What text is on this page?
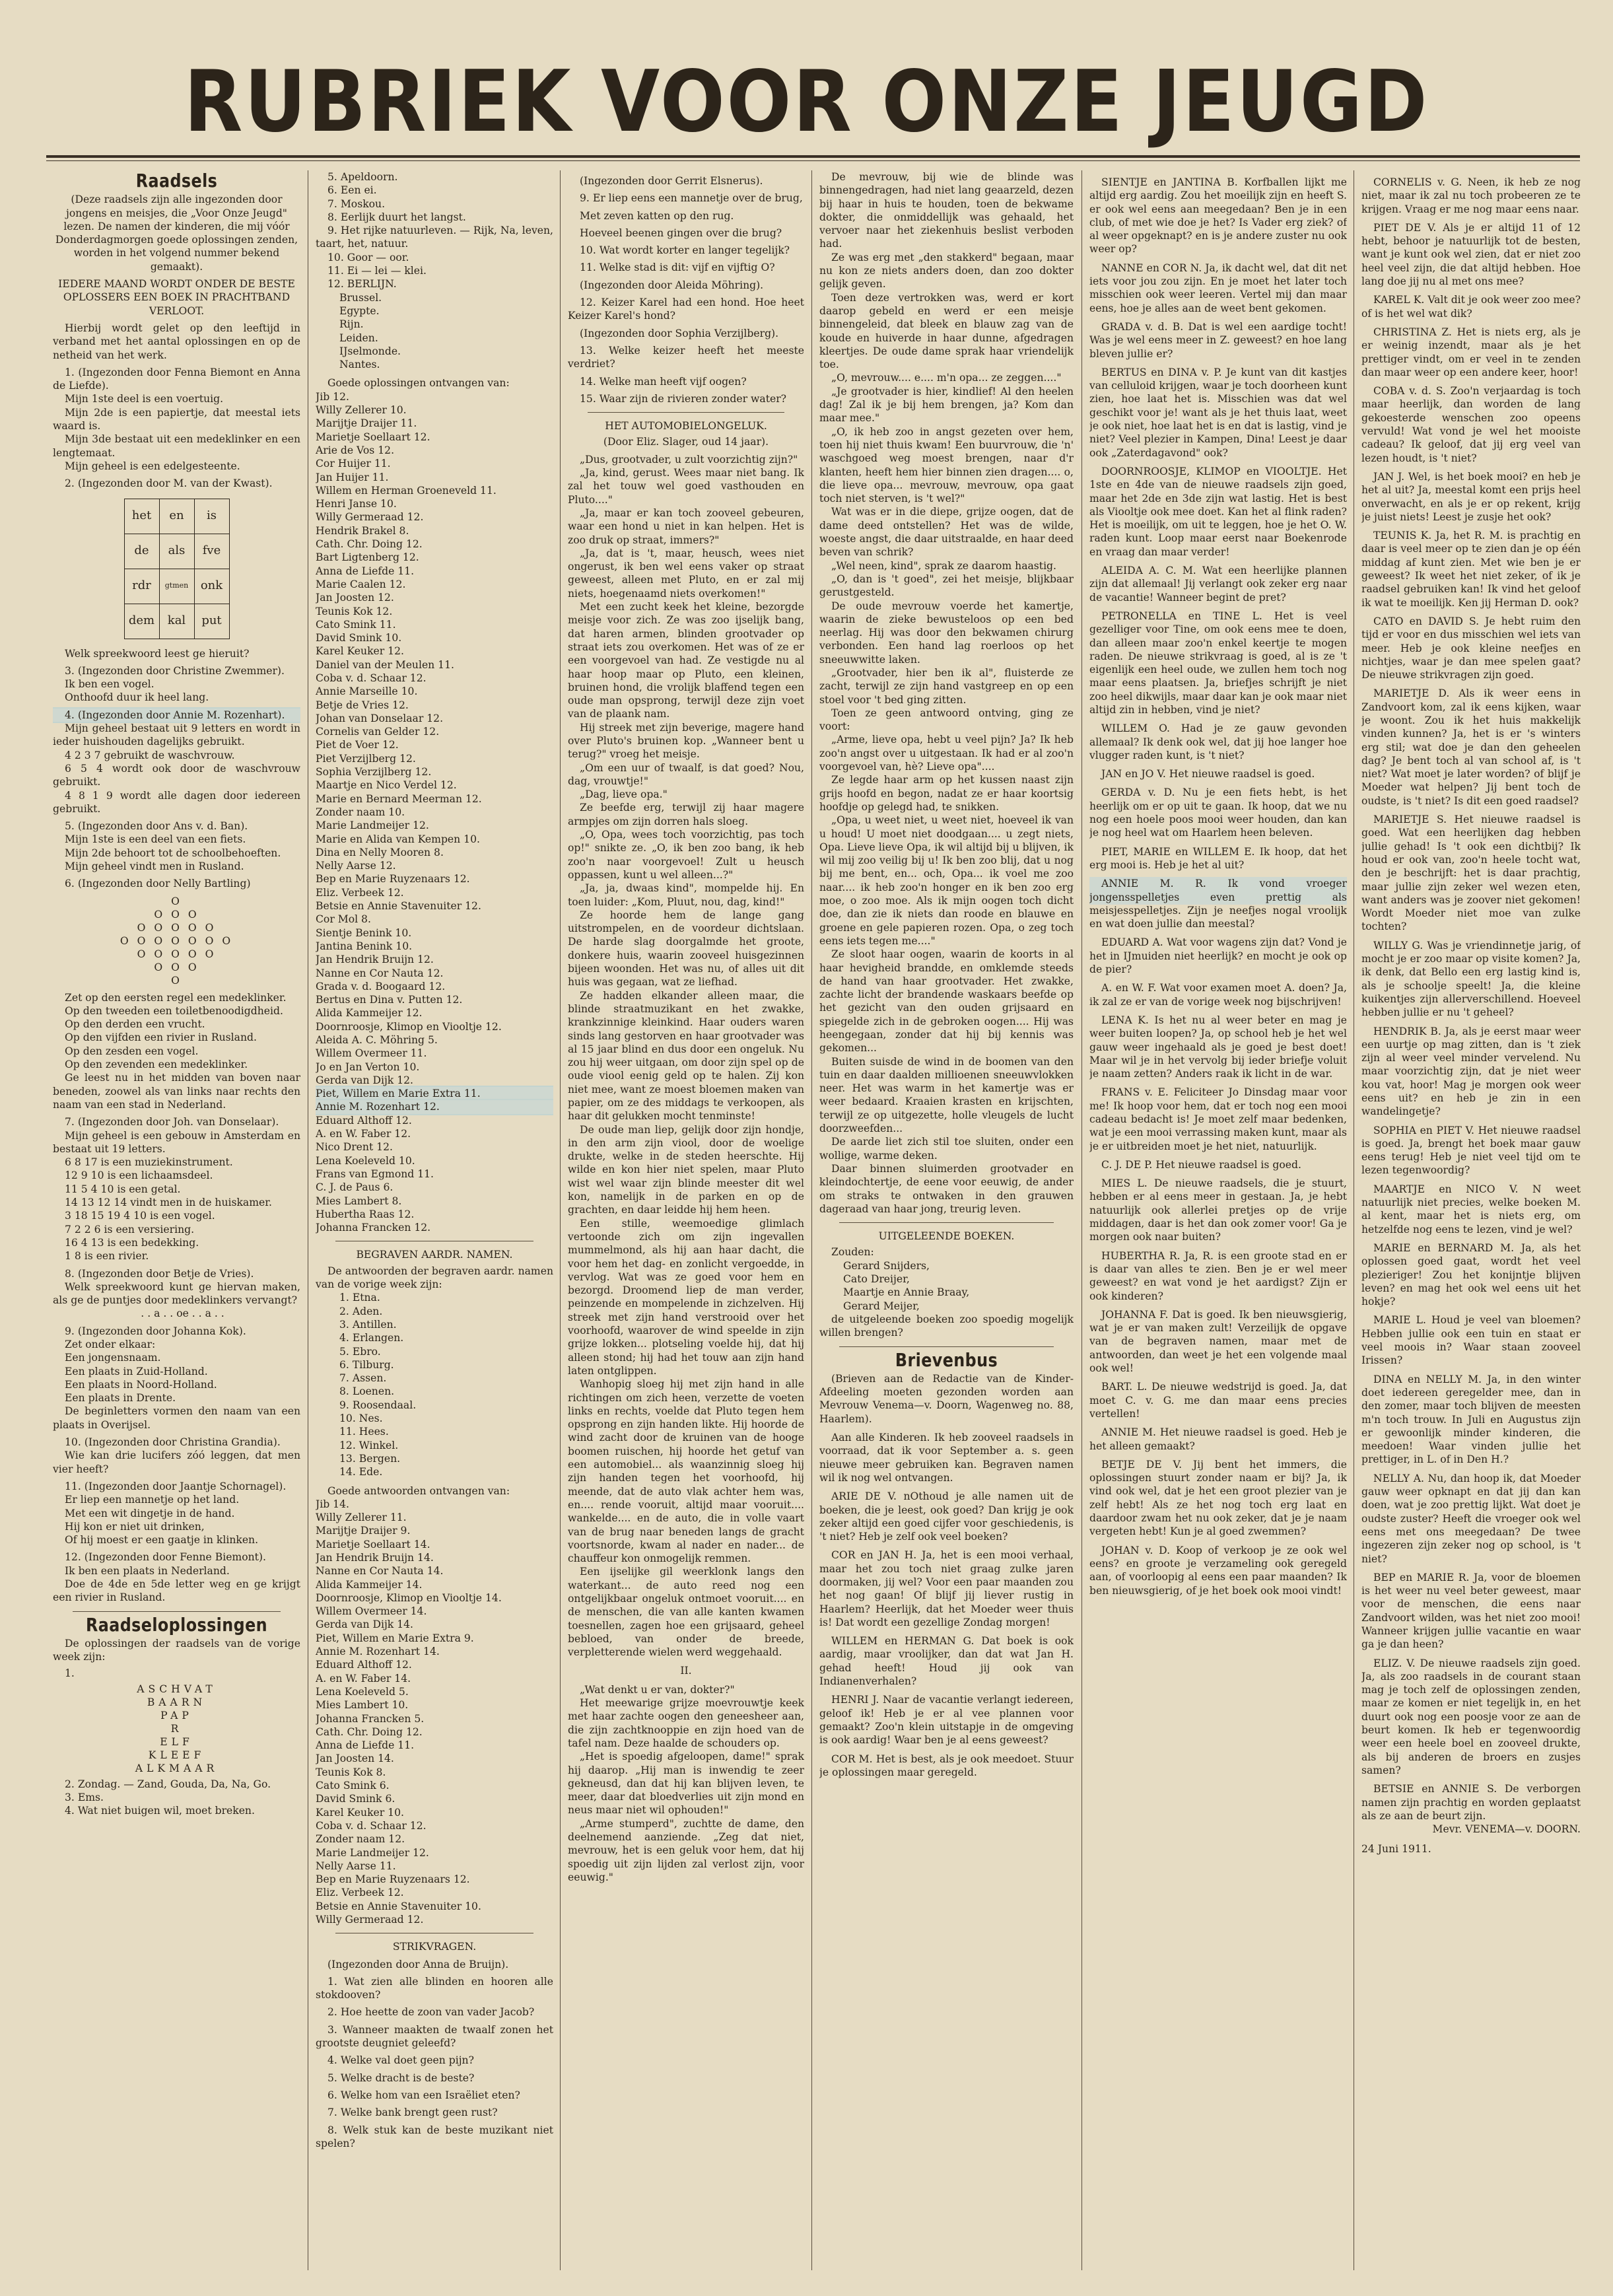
RUBRIEK VOOR ONZE JEUGD
Raadsels

(Deze raadsels zijn alle ingezonden door jongens en meisjes, die „Voor Onze Jeugd" lezen. De namen der kinderen, die mij vóór Donderdagmorgen goede oplossingen zenden, worden in het volgend nummer bekend gemaakt).

IEDERE MAAND WORDT ONDER DE BESTE OPLOSSERS EEN BOEK IN PRACHTBAND VERLOOT.

Hierbij wordt gelet op den leeftijd in verband met het aantal oplossingen en op de netheid van het werk.

1. (Ingezonden door Fenna Biemont en Anna de Liefde).

Mijn 1ste deel is een voertuig.

Mijn 2de is een papiertje, dat meestal iets waard is.

Mijn 3de bestaat uit een medeklinker en een lengtemaat.

Mijn geheel is een edelgesteente.

2. (Ingezonden door M. van der Kwast).

het	en	is
de	als	fve
rdr	gtmen	onk
dem	kal	put

Welk spreekwoord leest ge hieruit?

3. (Ingezonden door Christine Zwemmer).

Ik ben een vogel.

Onthoofd duur ik heel lang.

4. (Ingezonden door Annie M. Rozenhart).

Mijn geheel bestaat uit 9 letters en wordt in ieder huishouden dagelijks gebruikt.

4 2 3 7 gebruikt de waschvrouw.

6 5 4 wordt ook door de waschvrouw gebruikt.

4 8 1 9 wordt alle dagen door iedereen gebruikt.

5. (Ingezonden door Ans v. d. Ban).

Mijn 1ste is een deel van een fiets.

Mijn 2de behoort tot de schoolbehoeften.

Mijn geheel vindt men in Rusland.

6. (Ingezonden door Nelly Bartling)

O
O O O
O O O O O
O O O O O O O
O O O O O
O O O
O

Zet op den eersten regel een medeklinker.

Op den tweeden een toiletbenoodigdheid.

Op den derden een vrucht.

Op den vijfden een rivier in Rusland.

Op den zesden een vogel.

Op den zevenden een medeklinker.

Ge leest nu in het midden van boven naar beneden, zoowel als van links naar rechts den naam van een stad in Nederland.

7. (Ingezonden door Joh. van Donselaar).

Mijn geheel is een gebouw in Amsterdam en bestaat uit 19 letters.

6 8 17 is een muziekinstrument.

12 9 10 is een lichaamsdeel.

11 5 4 10 is een getal.

14 13 12 14 vindt men in de huiskamer.

3 18 15 19 4 10 is een vogel.

7 2 2 6 is een versiering.

16 4 13 is een bedekking.

1 8 is een rivier.

8. (Ingezonden door Betje de Vries).

Welk spreekwoord kunt ge hiervan maken, als ge de puntjes door medeklinkers vervangt?

. . a . . oe . . a . .

9. (Ingezonden door Johanna Kok).

Zet onder elkaar:

Een jongensnaam.

Een plaats in Zuid-Holland.

Een plaats in Noord-Holland.

Een plaats in Drente.

De beginletters vormen den naam van een plaats in Overijsel.

10. (Ingezonden door Christina Grandia).

Wie kan drie lucifers zóó leggen, dat men vier heeft?

11. (Ingezonden door Jaantje Schornagel).

Er liep een mannetje op het land.

Met een wit dingetje in de hand.

Hij kon er niet uit drinken,

Of hij moest er een gaatje in klinken.

12. (Ingezonden door Fenne Biemont).

Ik ben een plaats in Nederland.

Doe de 4de en 5de letter weg en ge krijgt een rivier in Rusland.

Raadseloplossingen

De oplossingen der raadsels van de vorige week zijn:

1.

ASCHVAT
BAARN
PAP
R
ELF
KLEEF
ALKMAAR

2. Zondag. — Zand, Gouda, Da, Na, Go.

3. Ems.

4. Wat niet buigen wil, moet breken.

5. Apeldoorn.

6. Een ei.

7. Moskou.

8. Eerlijk duurt het langst.

9. Het rijke natuurleven. — Rijk, Na, leven, taart, het, natuur.

10. Goor — oor.

11. Ei — lei — klei.

12. BERLIJN.

Brussel.

Egypte.

Rijn.

Leiden.

IJselmonde.

Nantes.

Goede oplossingen ontvangen van:

Jib 12.

Willy Zellerer 10.

Marijtje Draijer 11.

Marietje Soellaart 12.

Arie de Vos 12.

Cor Huijer 11.

Jan Huijer 11.

Willem en Herman Groeneveld 11.

Henri Janse 10.

Willy Germeraad 12.

Hendrik Brakel 8.

Cath. Chr. Doing 12.

Bart Ligtenberg 12.

Anna de Liefde 11.

Marie Caalen 12.

Jan Joosten 12.

Teunis Kok 12.

Cato Smink 11.

David Smink 10.

Karel Keuker 12.

Daniel van der Meulen 11.

Coba v. d. Schaar 12.

Annie Marseille 10.

Betje de Vries 12.

Johan van Donselaar 12.

Cornelis van Gelder 12.

Piet de Voer 12.

Piet Verzijlberg 12.

Sophia Verzijlberg 12.

Maartje en Nico Verdel 12.

Marie en Bernard Meerman 12.

Zonder naam 10.

Marie Landmeijer 12.

Marie en Alida van Kempen 10.

Dina en Nelly Mooren 8.

Nelly Aarse 12.

Bep en Marie Ruyzenaars 12.

Eliz. Verbeek 12.

Betsie en Annie Stavenuiter 12.

Cor Mol 8.

Sientje Benink 10.

Jantina Benink 10.

Jan Hendrik Bruijn 12.

Nanne en Cor Nauta 12.

Grada v. d. Boogaard 12.

Bertus en Dina v. Putten 12.

Alida Kammeijer 12.

Doornroosje, Klimop en Viooltje 12.

Aleida A. C. Möhring 5.

Willem Overmeer 11.

Jo en Jan Verton 10.

Gerda van Dijk 12.

Piet, Willem en Marie Extra 11.

Annie M. Rozenhart 12.

Eduard Althoff 12.

A. en W. Faber 12.

Nico Drent 12.

Lena Koeleveld 10.

Frans van Egmond 11.

C. J. de Paus 6.

Mies Lambert 8.

Hubertha Raas 12.

Johanna Francken 12.

BEGRAVEN AARDR. NAMEN.

De antwoorden der begraven aardr. namen van de vorige week zijn:

1. Etna.

2. Aden.

3. Antillen.

4. Erlangen.

5. Ebro.

6. Tilburg.

7. Assen.

8. Loenen.

9. Roosendaal.

10. Nes.

11. Hees.

12. Winkel.

13. Bergen.

14. Ede.

Goede antwoorden ontvangen van:

Jib 14.

Willy Zellerer 11.

Marijtje Draijer 9.

Marietje Soellaart 14.

Jan Hendrik Bruijn 14.

Nanne en Cor Nauta 14.

Alida Kammeijer 14.

Doornroosje, Klimop en Viooltje 14.

Willem Overmeer 14.

Gerda van Dijk 14.

Piet, Willem en Marie Extra 9.

Annie M. Rozenhart 14.

Eduard Althoff 12.

A. en W. Faber 14.

Lena Koeleveld 5.

Mies Lambert 10.

Johanna Francken 5.

Cath. Chr. Doing 12.

Anna de Liefde 11.

Jan Joosten 14.

Teunis Kok 8.

Cato Smink 6.

David Smink 6.

Karel Keuker 10.

Coba v. d. Schaar 12.

Zonder naam 12.

Marie Landmeijer 12.

Nelly Aarse 11.

Bep en Marie Ruyzenaars 12.

Eliz. Verbeek 12.

Betsie en Annie Stavenuiter 10.

Willy Germeraad 12.

STRIKVRAGEN.

(Ingezonden door Anna de Bruijn).

1. Wat zien alle blinden en hooren alle stokdooven?

2. Hoe heette de zoon van vader Jacob?

3. Wanneer maakten de twaalf zonen het grootste deugniet geleefd?

4. Welke val doet geen pijn?

5. Welke dracht is de beste?

6. Welke hom van een Israëliet eten?

7. Welke bank brengt geen rust?

8. Welk stuk kan de beste muzikant niet spelen?

(Ingezonden door Gerrit Elsnerus).

9. Er liep eens een mannetje over de brug,

Met zeven katten op den rug.

Hoeveel beenen gingen over die brug?

10. Wat wordt korter en langer tegelijk?

11. Welke stad is dit: vijf en vijftig O?

(Ingezonden door Aleida Möhring).

12. Keizer Karel had een hond. Hoe heet Keizer Karel's hond?

(Ingezonden door Sophia Verzijlberg).

13. Welke keizer heeft het meeste verdriet?

14. Welke man heeft vijf oogen?

15. Waar zijn de rivieren zonder water?

HET AUTOMOBIELONGELUK.

(Door Eliz. Slager, oud 14 jaar).

„Dus, grootvader, u zult voorzichtig zijn?"

„Ja, kind, gerust. Wees maar niet bang. Ik zal het touw wel goed vasthouden en Pluto...."

„Ja, maar er kan toch zooveel gebeuren, waar een hond u niet in kan helpen. Het is zoo druk op straat, immers?"

„Ja, dat is 't, maar, heusch, wees niet ongerust, ik ben wel eens vaker op straat geweest, alleen met Pluto, en er zal mij niets, hoegenaamd niets overkomen!"

Met een zucht keek het kleine, bezorgde meisje voor zich. Ze was zoo ijselijk bang, dat haren armen, blinden grootvader op straat iets zou overkomen. Het was of ze er een voorgevoel van had. Ze vestigde nu al haar hoop maar op Pluto, een kleinen, bruinen hond, die vrolijk blaffend tegen een oude man opsprong, terwijl deze zijn voet van de plaank nam.

Hij streek met zijn beverige, magere hand over Pluto's bruinen kop. „Wanneer bent u terug?" vroeg het meisje.

„Om een uur of twaalf, is dat goed? Nou, dag, vrouwtje!"

„Dag, lieve opa."

Ze beefde erg, terwijl zij haar magere armpjes om zijn dorren hals sloeg.

„O, Opa, wees toch voorzichtig, pas toch op!" snikte ze. „O, ik ben zoo bang, ik heb zoo'n naar voorgevoel! Zult u heusch oppassen, kunt u wel alleen...?"

„Ja, ja, dwaas kind", mompelde hij. En toen luider: „Kom, Pluut, nou, dag, kind!"

Ze hoorde hem de lange gang uitstrompelen, en de voordeur dichtslaan. De harde slag doorgalmde het groote, donkere huis, waarin zooveel huisgezinnen bijeen woonden. Het was nu, of alles uit dit huis was gegaan, wat ze liefhad.

Ze hadden elkander alleen maar, die blinde straatmuzikant en het zwakke, krankzinnige kleinkind. Haar ouders waren sinds lang gestorven en haar grootvader was al 15 jaar blind en dus door een ongeluk. Nu zou hij weer uitgaan, om door zijn spel op de oude viool eenig geld op te halen. Zij kon niet mee, want ze moest bloemen maken van papier, om ze des middags te verkoopen, als haar dit gelukken mocht tenminste!

De oude man liep, gelijk door zijn hondje, in den arm zijn viool, door de woelige drukte, welke in de steden heerschte. Hij wilde en kon hier niet spelen, maar Pluto wist wel waar zijn blinde meester dit wel kon, namelijk in de parken en op de grachten, en daar leidde hij hem heen.

Een stille, weemoedige glimlach vertoonde zich om zijn ingevallen mummelmond, als hij aan haar dacht, die voor hem het dag- en zonlicht vergoedde, in vervlog. Wat was ze goed voor hem en bezorgd. Droomend liep de man verder, peinzende en mompelende in zichzelven. Hij streek met zijn hand verstrooid over het voorhoofd, waarover de wind speelde in zijn grijze lokken... plotseling voelde hij, dat hij alleen stond; hij had het touw aan zijn hand laten ontglippen.

Wanhopig sloeg hij met zijn hand in alle richtingen om zich heen, verzette de voeten links en rechts, voelde dat Pluto tegen hem opsprong en zijn handen likte. Hij hoorde de wind zacht door de kruinen van de hooge boomen ruischen, hij hoorde het getuf van een automobiel... als waanzinnig sloeg hij zijn handen tegen het voorhoofd, hij meende, dat de auto vlak achter hem was, en.... rende vooruit, altijd maar vooruit.... wankelde.... en de auto, die in volle vaart van de brug naar beneden langs de gracht voortsnorde, kwam al nader en nader... de chauffeur kon onmogelijk remmen.

Een ijselijke gil weerklonk langs den waterkant... de auto reed nog een ontgelijkbaar ongeluk ontmoet vooruit.... en de menschen, die van alle kanten kwamen toesnellen, zagen hoe een grijsaard, geheel bebloed, van onder de breede, verpletterende wielen werd weggehaald.

II.

„Wat denkt u er van, dokter?"

Het meewarige grijze moevrouwtje keek met haar zachte oogen den geneesheer aan, die zijn zachtknooppie en zijn hoed van de tafel nam. Deze haalde de schouders op.

„Het is spoedig afgeloopen, dame!" sprak hij daarop. „Hij man is inwendig te zeer gekneusd, dan dat hij kan blijven leven, te meer, daar dat bloedverlies uit zijn mond en neus maar niet wil ophouden!"

„Arme stumperd", zuchtte de dame, den deelnemend aanziende. „Zeg dat niet, mevrouw, het is een geluk voor hem, dat hij spoedig uit zijn lijden zal verlost zijn, voor eeuwig."

De mevrouw, bij wie de blinde was binnengedragen, had niet lang geaarzeld, dezen bij haar in huis te houden, toen de bekwame dokter, die onmiddellijk was gehaald, het vervoer naar het ziekenhuis beslist verboden had.

Ze was erg met „den stakkerd" begaan, maar nu kon ze niets anders doen, dan zoo dokter gelijk geven.

Toen deze vertrokken was, werd er kort daarop gebeld en werd er een meisje binnengeleid, dat bleek en blauw zag van de koude en huiverde in haar dunne, afgedragen kleertjes. De oude dame sprak haar vriendelijk toe.

„O, mevrouw.... e.... m'n opa... ze zeggen...."

„Je grootvader is hier, kindlief! Al den heelen dag! Zal ik je bij hem brengen, ja? Kom dan maar mee."

„O, ik heb zoo in angst gezeten over hem, toen hij niet thuis kwam! Een buurvrouw, die 'n' waschgoed weg moest brengen, naar d'r klanten, heeft hem hier binnen zien dragen.... o, die lieve opa... mevrouw, mevrouw, opa gaat toch niet sterven, is 't wel?"

Wat was er in die diepe, grijze oogen, dat de dame deed ontstellen? Het was de wilde, woeste angst, die daar uitstraalde, en haar deed beven van schrik?

„Wel neen, kind", sprak ze daarom haastig.

„O, dan is 't goed", zei het meisje, blijkbaar gerustgesteld.

De oude mevrouw voerde het kamertje, waarin de zieke bewusteloos op een bed neerlag. Hij was door den bekwamen chirurg verbonden. Een hand lag roerloos op het sneeuwwitte laken.

„Grootvader, hier ben ik al", fluisterde ze zacht, terwijl ze zijn hand vastgreep en op een stoel voor 't bed ging zitten.

Toen ze geen antwoord ontving, ging ze voort:

„Arme, lieve opa, hebt u veel pijn? Ja? Ik heb zoo'n angst over u uitgestaan. Ik had er al zoo'n voorgevoel van, hè? Lieve opa"....

Ze legde haar arm op het kussen naast zijn grijs hoofd en begon, nadat ze er haar koortsig hoofdje op gelegd had, te snikken.

„Opa, u weet niet, u weet niet, hoeveel ik van u houd! U moet niet doodgaan.... u zegt niets, Opa. Lieve lieve Opa, ik wil altijd bij u blijven, ik wil mij zoo veilig bij u! Ik ben zoo blij, dat u nog bij me bent, en... och, Opa... ik voel me zoo naar.... ik heb zoo'n honger en ik ben zoo erg moe, o zoo moe. Als ik mijn oogen toch dicht doe, dan zie ik niets dan roode en blauwe en groene en gele papieren rozen. Opa, o zeg toch eens iets tegen me...."

Ze sloot haar oogen, waarin de koorts in al haar hevigheid brandde, en omklemde steeds de hand van haar grootvader. Het zwakke, zachte licht der brandende waskaars beefde op het gezicht van den ouden grijsaard en spiegelde zich in de gebroken oogen.... Hij was heengegaan, zonder dat hij bij kennis was gekomen...

Buiten suisde de wind in de boomen van den tuin en daar daalden millioenen sneeuwvlokken neer. Het was warm in het kamertje was er weer bedaard. Kraaien krasten en krijschten, terwijl ze op uitgezette, holle vleugels de lucht doorzweefden...

De aarde liet zich stil toe sluiten, onder een wollige, warme deken.

Daar binnen sluimerden grootvader en kleindochtertje, de eene voor eeuwig, de ander om straks te ontwaken in den grauwen dageraad van haar jong, treurig leven.

UITGELEENDE BOEKEN.

Zouden:

Gerard Snijders,

Cato Dreijer,

Maartje en Annie Braay,

Gerard Meijer,

de uitgeleende boeken zoo spoedig mogelijk willen brengen?

Brievenbus

(Brieven aan de Redactie van de Kinder-Afdeeling moeten gezonden worden aan Mevrouw Venema—v. Doorn, Wagenweg no. 88, Haarlem).

Aan alle Kinderen. Ik heb zooveel raadsels in voorraad, dat ik voor September a. s. geen nieuwe meer gebruiken kan. Begraven namen wil ik nog wel ontvangen.

ARIE DE V. nOthoud je alle namen uit de boeken, die je leest, ook goed? Dan krijg je ook zeker altijd een goed cijfer voor geschiedenis, is 't niet? Heb je zelf ook veel boeken?

COR en JAN H. Ja, het is een mooi verhaal, maar het zou toch niet graag zulke jaren doormaken, jij wel? Voor een paar maanden zou het nog gaan! Of blijf jij liever rustig in Haarlem? Heerlijk, dat het Moeder weer thuis is! Dat wordt een gezellige Zondag morgen!

WILLEM en HERMAN G. Dat boek is ook aardig, maar vroolijker, dan dat wat Jan H. gehad heeft! Houd jij ook van Indianenverhalen?

HENRI J. Naar de vacantie verlangt iedereen, geloof ik! Heb je er al vee plannen voor gemaakt? Zoo'n klein uitstapje in de omgeving is ook aardig! Waar ben je al eens geweest?

COR M. Het is best, als je ook meedoet. Stuur je oplossingen maar geregeld.

SIENTJE en JANTINA B. Korfballen lijkt me altijd erg aardig. Zou het moeilijk zijn en heeft S. er ook wel eens aan meegedaan? Ben je in een club, of met wie doe je het? Is Vader erg ziek? of al weer opgeknapt? en is je andere zuster nu ook weer op?

NANNE en COR N. Ja, ik dacht wel, dat dit net iets voor jou zou zijn. En je moet het later toch misschien ook weer leeren. Vertel mij dan maar eens, hoe je alles aan de weet bent gekomen.

GRADA v. d. B. Dat is wel een aardige tocht! Was je wel eens meer in Z. geweest? en hoe lang bleven jullie er?

BERTUS en DINA v. P. Je kunt van dit kastjes van celluloid krijgen, waar je toch doorheen kunt zien, hoe laat het is. Misschien was dat wel geschikt voor je! want als je het thuis laat, weet je ook niet, hoe laat het is en dat is lastig, vind je niet? Veel plezier in Kampen, Dina! Leest je daar ook „Zaterdagavond" ook?

DOORNROOSJE, KLIMOP en VIOOLTJE. Het 1ste en 4de van de nieuwe raadsels zijn goed, maar het 2de en 3de zijn wat lastig. Het is best als Viooltje ook mee doet. Kan het al flink raden? Het is moeilijk, om uit te leggen, hoe je het O. W. raden kunt. Loop maar eerst naar Boekenrode en vraag dan maar verder!

ALEIDA A. C. M. Wat een heerlijke plannen zijn dat allemaal! Jij verlangt ook zeker erg naar de vacantie! Wanneer begint de pret?

PETRONELLA en TINE L. Het is veel gezelliger voor Tine, om ook eens mee te doen, dan alleen maar zoo'n enkel keertje te mogen raden. De nieuwe strikvraag is goed, al is ze 't eigenlijk een heel oude, we zullen hem toch nog maar eens plaatsen. Ja, briefjes schrijft je niet zoo heel dikwijls, maar daar kan je ook maar niet altijd zin in hebben, vind je niet?

WILLEM O. Had je ze gauw gevonden allemaal? Ik denk ook wel, dat jij hoe langer hoe vlugger raden kunt, is 't niet?

JAN en JO V. Het nieuwe raadsel is goed.

GERDA v. D. Nu je een fiets hebt, is het heerlijk om er op uit te gaan. Ik hoop, dat we nu nog een hoele poos mooi weer houden, dan kan je nog heel wat om Haarlem heen beleven.

PIET, MARIE en WILLEM E. Ik hoop, dat het erg mooi is. Heb je het al uit?

ANNIE M. R. Ik vond vroeger jongensspelletjes even prettig als meisjesspelletjes. Zijn je neefjes nogal vroolijk en wat doen jullie dan meestal?

EDUARD A. Wat voor wagens zijn dat? Vond je het in IJmuiden niet heerlijk? en mocht je ook op de pier?

A. en W. F. Wat voor examen moet A. doen? Ja, ik zal ze er van de vorige week nog bijschrijven!

LENA K. Is het nu al weer beter en mag je weer buiten loopen? Ja, op school heb je het wel gauw weer ingehaald als je goed je best doet! Maar wil je in het vervolg bij ieder briefje voluit je naam zetten? Anders raak ik licht in de war.

FRANS v. E. Feliciteer Jo Dinsdag maar voor me! Ik hoop voor hem, dat er toch nog een mooi cadeau bedacht is! Je moet zelf maar bedenken, wat je een mooi verrassing maken kunt, maar als je er uitbreiden moet je het niet, natuurlijk.

C. J. DE P. Het nieuwe raadsel is goed.

MIES L. De nieuwe raadsels, die je stuurt, hebben er al eens meer in gestaan. Ja, je hebt natuurlijk ook allerlei pretjes op de vrije middagen, daar is het dan ook zomer voor! Ga je morgen ook naar buiten?

HUBERTHA R. Ja, R. is een groote stad en er is daar van alles te zien. Ben je er wel meer geweest? en wat vond je het aardigst? Zijn er ook kinderen?

JOHANNA F. Dat is goed. Ik ben nieuwsgierig, wat je er van maken zult! Verzeilijk de opgave van de begraven namen, maar met de antwoorden, dan weet je het een volgende maal ook wel!

BART. L. De nieuwe wedstrijd is goed. Ja, dat moet C. v. G. me dan maar eens precies vertellen!

ANNIE M. Het nieuwe raadsel is goed. Heb je het alleen gemaakt?

BETJE DE V. Jij bent het immers, die oplossingen stuurt zonder naam er bij? Ja, ik vind ook wel, dat je het een groot plezier van je zelf hebt! Als ze het nog toch erg laat en daardoor zwam het nu ook zeker, dat je je naam vergeten hebt! Kun je al goed zwemmen?

JOHAN v. D. Koop of verkoop je ze ook wel eens? en groote je verzameling ook geregeld aan, of voorloopig al eens een paar maanden? Ik ben nieuwsgierig, of je het boek ook mooi vindt!

CORNELIS v. G. Neen, ik heb ze nog niet, maar ik zal nu toch probeeren ze te krijgen. Vraag er me nog maar eens naar.

PIET DE V. Als je er altijd 11 of 12 hebt, behoor je natuurlijk tot de besten, want je kunt ook wel zien, dat er niet zoo heel veel zijn, die dat altijd hebben. Hoe lang doe jij nu al met ons mee?

KAREL K. Valt dit je ook weer zoo mee? of is het wel wat dik?

CHRISTINA Z. Het is niets erg, als je er weinig inzendt, maar als je het prettiger vindt, om er veel in te zenden dan maar weer op een andere keer, hoor!

COBA v. d. S. Zoo'n verjaardag is toch maar heerlijk, dan worden de lang gekoesterde wenschen zoo opeens vervuld! Wat vond je wel het mooiste cadeau? Ik geloof, dat jij erg veel van lezen houdt, is 't niet?

JAN J. Wel, is het boek mooi? en heb je het al uit? Ja, meestal komt een prijs heel onverwacht, en als je er op rekent, krijg je juist niets! Leest je zusje het ook?

TEUNIS K. Ja, het R. M. is prachtig en daar is veel meer op te zien dan je op één middag af kunt zien. Met wie ben je er geweest? Ik weet het niet zeker, of ik je raadsel gebruiken kan! Ik vind het geloof ik wat te moeilijk. Ken jij Herman D. ook?

CATO en DAVID S. Je hebt ruim den tijd er voor en dus misschien wel iets van meer. Heb je ook kleine neefjes en nichtjes, waar je dan mee spelen gaat? De nieuwe strikvragen zijn goed.

MARIETJE D. Als ik weer eens in Zandvoort kom, zal ik eens kijken, waar je woont. Zou ik het huis makkelijk vinden kunnen? Ja, het is er 's winters erg stil; wat doe je dan den geheelen dag? Je bent toch al van school af, is 't niet? Wat moet je later worden? of blijf je Moeder wat helpen? Jij bent toch de oudste, is 't niet? Is dit een goed raadsel?

MARIETJE S. Het nieuwe raadsel is goed. Wat een heerlijken dag hebben jullie gehad! Is 't ook een dichtbij? Ik houd er ook van, zoo'n heele tocht wat, den je beschrijft: het is daar prachtig, maar jullie zijn zeker wel wezen eten, want anders was je zoover niet gekomen! Wordt Moeder niet moe van zulke tochten?

WILLY G. Was je vriendinnetje jarig, of mocht je er zoo maar op visite komen? Ja, ik denk, dat Bello een erg lastig kind is, als je schoolje speelt! Ja, die kleine kuikentjes zijn allerverschillend. Hoeveel hebben jullie er nu 't geheel?

HENDRIK B. Ja, als je eerst maar weer een uurtje op mag zitten, dan is 't ziek zijn al weer veel minder vervelend. Nu maar voorzichtig zijn, dat je niet weer kou vat, hoor! Mag je morgen ook weer eens uit? en heb je zin in een wandelingetje?

SOPHIA en PIET V. Het nieuwe raadsel is goed. Ja, brengt het boek maar gauw eens terug! Heb je niet veel tijd om te lezen tegenwoordig?

MAARTJE en NICO V. N weet natuurlijk niet precies, welke boeken M. al kent, maar het is niets erg, om hetzelfde nog eens te lezen, vind je wel?

MARIE en BERNARD M. Ja, als het oplossen goed gaat, wordt het veel plezieriger! Zou het konijntje blijven leven? en mag het ook wel eens uit het hokje?

MARIE L. Houd je veel van bloemen? Hebben jullie ook een tuin en staat er veel moois in? Waar staan zooveel Irissen?

DINA en NELLY M. Ja, in den winter doet iedereen geregelder mee, dan in den zomer, maar toch blijven de meesten m'n toch trouw. In Juli en Augustus zijn er gewoonlijk minder kinderen, die meedoen! Waar vinden jullie het prettiger, in L. of in Den H.?

NELLY A. Nu, dan hoop ik, dat Moeder gauw weer opknapt en dat jij dan kan doen, wat je zoo prettig lijkt. Wat doet je oudste zuster? Heeft die vroeger ook wel eens met ons meegedaan? De twee ingezeren zijn zeker nog op school, is 't niet?

BEP en MARIE R. Ja, voor de bloemen is het weer nu veel beter geweest, maar voor de menschen, die eens naar Zandvoort wilden, was het niet zoo mooi! Wanneer krijgen jullie vacantie en waar ga je dan heen?

ELIZ. V. De nieuwe raadsels zijn goed. Ja, als zoo raadsels in de courant staan mag je toch zelf de oplossingen zenden, maar ze komen er niet tegelijk in, en het duurt ook nog een poosje voor ze aan de beurt komen. Ik heb er tegenwoordig weer een heele boel en zooveel drukte, als bij anderen de broers en zusjes samen?

BETSIE en ANNIE S. De verborgen namen zijn prachtig en worden geplaatst als ze aan de beurt zijn.

Mevr. VENEMA—v. DOORN.

24 Juni 1911.
